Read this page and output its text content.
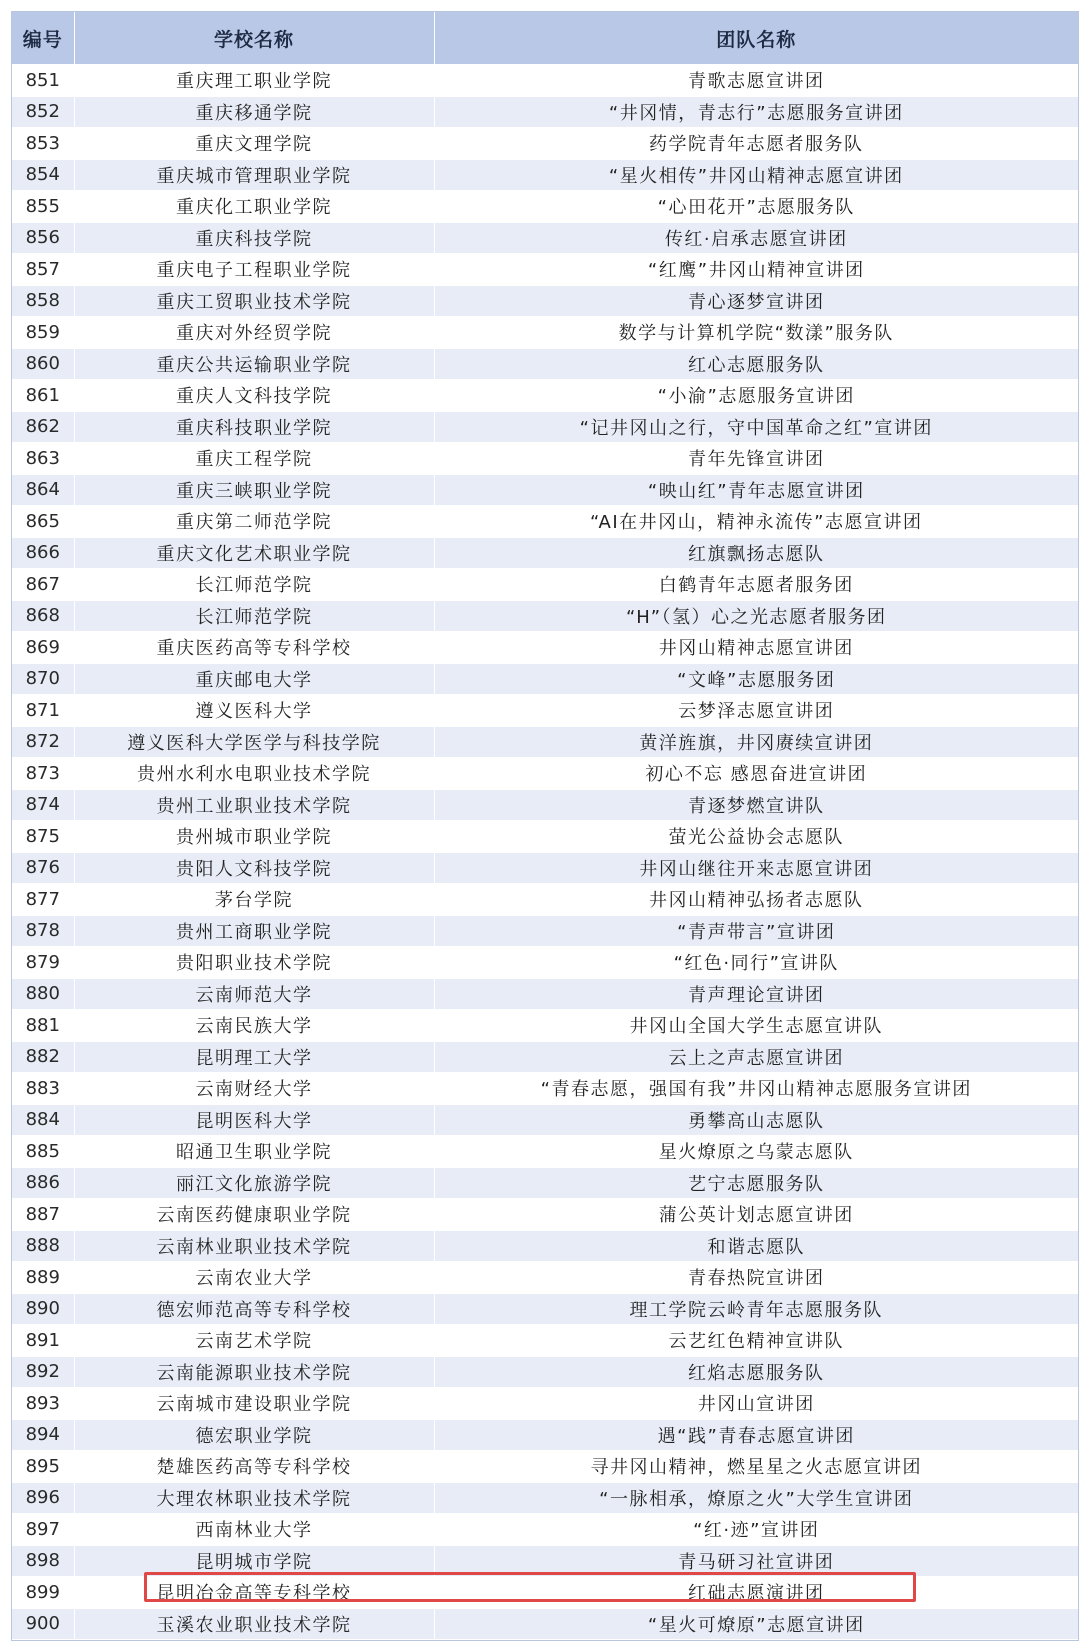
编号	学校名称	团队名称
851	重庆理工职业学院	青歌志愿宣讲团
852	重庆移通学院	“井冈情，青志行”志愿服务宣讲团
853	重庆文理学院	药学院青年志愿者服务队
854	重庆城市管理职业学院	“星火相传”井冈山精神志愿宣讲团
855	重庆化工职业学院	“心田花开”志愿服务队
856	重庆科技学院	传红·启承志愿宣讲团
857	重庆电子工程职业学院	“红鹰”井冈山精神宣讲团
858	重庆工贸职业技术学院	青心逐梦宣讲团
859	重庆对外经贸学院	数学与计算机学院“数漾”服务队
860	重庆公共运输职业学院	红心志愿服务队
861	重庆人文科技学院	“小渝”志愿服务宣讲团
862	重庆科技职业学院	“记井冈山之行，守中国革命之红”宣讲团
863	重庆工程学院	青年先锋宣讲团
864	重庆三峡职业学院	“映山红”青年志愿宣讲团
865	重庆第二师范学院	“AI在井冈山，精神永流传”志愿宣讲团
866	重庆文化艺术职业学院	红旗飘扬志愿队
867	长江师范学院	白鹤青年志愿者服务团
868	长江师范学院	“H”（氢）心之光志愿者服务团
869	重庆医药高等专科学校	井冈山精神志愿宣讲团
870	重庆邮电大学	“文峰”志愿服务团
871	遵义医科大学	云梦泽志愿宣讲团
872	遵义医科大学医学与科技学院	黄洋旌旗，井冈赓续宣讲团
873	贵州水利水电职业技术学院	初心不忘 感恩奋进宣讲团
874	贵州工业职业技术学院	青逐梦燃宣讲队
875	贵州城市职业学院	萤光公益协会志愿队
876	贵阳人文科技学院	井冈山继往开来志愿宣讲团
877	茅台学院	井冈山精神弘扬者志愿队
878	贵州工商职业学院	“青声带言”宣讲团
879	贵阳职业技术学院	“红色·同行”宣讲队
880	云南师范大学	青声理论宣讲团
881	云南民族大学	井冈山全国大学生志愿宣讲队
882	昆明理工大学	云上之声志愿宣讲团
883	云南财经大学	“青春志愿，强国有我”井冈山精神志愿服务宣讲团
884	昆明医科大学	勇攀高山志愿队
885	昭通卫生职业学院	星火燎原之乌蒙志愿队
886	丽江文化旅游学院	艺宁志愿服务队
887	云南医药健康职业学院	蒲公英计划志愿宣讲团
888	云南林业职业技术学院	和谐志愿队
889	云南农业大学	青春热院宣讲团
890	德宏师范高等专科学校	理工学院云岭青年志愿服务队
891	云南艺术学院	云艺红色精神宣讲队
892	云南能源职业技术学院	红焰志愿服务队
893	云南城市建设职业学院	井冈山宣讲团
894	德宏职业学院	遇“践”青春志愿宣讲团
895	楚雄医药高等专科学校	寻井冈山精神，燃星星之火志愿宣讲团
896	大理农林职业技术学院	“一脉相承，燎原之火”大学生宣讲团
897	西南林业大学	“红·迹”宣讲团
898	昆明城市学院	青马研习社宣讲团
899	昆明冶金高等专科学校	红础志愿演讲团
900	玉溪农业职业技术学院	“星火可燎原”志愿宣讲团
